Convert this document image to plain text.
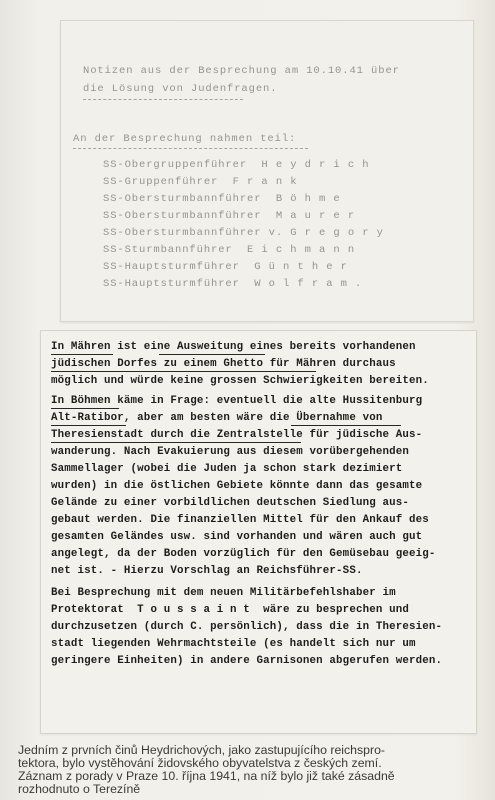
Notizen aus der Besprechung am 10.10.41 über
die Lösung von Judenfragen.
An der Besprechung nahmen teil:
SS-Obergruppenführer  H e y d r i c h
SS-Gruppenführer  F r a n k
SS-Obersturmbannführer  B ö h m e
SS-Obersturmbannführer  M a u r e r
SS-Obersturmbannführer v. G r e g o r y
SS-Sturmbannführer  E i c h m a n n
SS-Hauptsturmführer  G ü n t h e r
SS-Hauptsturmführer  W o l f r a m .
In Mähren ist eine Ausweitung eines bereits vorhandenen
jüdischen Dorfes zu einem Ghetto für Mähren durchaus
möglich und würde keine grossen Schwierigkeiten bereiten.
In Böhmen käme in Frage: eventuell die alte Hussitenburg
Alt-Ratibor, aber am besten wäre die Übernahme von
Theresienstadt durch die Zentralstelle für jüdische Aus-
wanderung. Nach Evakuierung aus diesem vorübergehenden
Sammellager (wobei die Juden ja schon stark dezimiert
wurden) in die östlichen Gebiete könnte dann das gesamte
Gelände zu einer vorbildlichen deutschen Siedlung aus-
gebaut werden. Die finanziellen Mittel für den Ankauf des
gesamten Geländes usw. sind vorhanden und wären auch gut
angelegt, da der Boden vorzüglich für den Gemüsebau geeig-
net ist. - Hierzu Vorschlag an Reichsführer-SS.
Bei Besprechung mit dem neuen Militärbefehlshaber im
Protektorat  T o u s s a i n t  wäre zu besprechen und
durchzusetzen (durch C. persönlich), dass die in Theresien-
stadt liegenden Wehrmachtsteile (es handelt sich nur um
geringere Einheiten) in andere Garnisonen abgerufen werden.
Jedním z prvních činů Heydrichových, jako zastupujícího reichspro-
tektora, bylo vystěhování židovského obyvatelstva z českých zemí.
Záznam z porady v Praze 10. října 1941, na níž bylo již také zásadně
rozhodnuto o Terezíně
